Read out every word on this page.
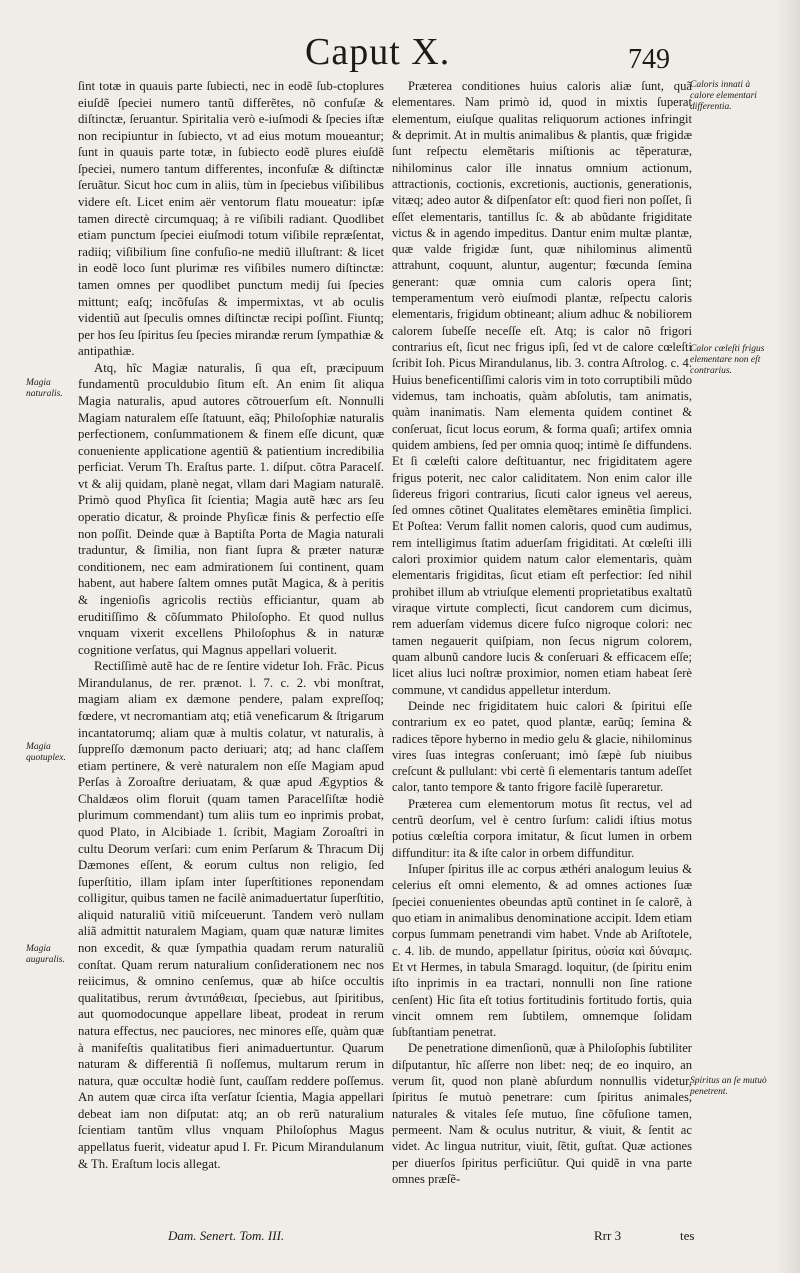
Caput X.	749
Magia naturalis.
Magia quotuplex.
Magia auguralis.
Caloris innati à calore elementari differentia.
Calor cœleſti frigus elementare non eſt contrarius.
Spiritus an ſe mutuò penetrent.

ſint totæ in quauis parte ſubiecti, nec in eodẽ ſub-ctoplures eiuſdẽ ſpeciei numero tantũ differẽtes, nõ confuſæ & diſtinctæ, ſeruantur. Spiritalia verò e-iuſmodi & ſpecies iſtæ non recipiuntur in ſubiecto, vt ad eius motum moueantur; ſunt in quauis parte totæ, in ſubiecto eodẽ plures eiuſdẽ ſpeciei, numero tantum differentes, inconfuſæ & diſtinctæ ſeruãtur. Sicut hoc cum in aliis, tùm in ſpeciebus viſibilibus videre eſt. Licet enim aër ventorum flatu moueatur: ipſæ tamen directè circumquaq; à re viſibili radiant. Quodlibet etiam punctum ſpeciei eiuſmodi totum viſibile repræſentat, radiiq; viſibilium ſine confuſio-ne mediũ illuſtrant: & licet in eodẽ loco ſunt plurimæ res viſibiles numero diſtinctæ: tamen omnes per quodlibet punctum medij ſui ſpecies mittunt; eaſq; incõfuſas & impermixtas, vt ab oculis videntiũ aut ſpeculis omnes diſtinctæ recipi poſſint. Fiuntq; per hos ſeu ſpiritus ſeu ſpecies mirandæ rerum ſympathiæ & antipathiæ.

Atq, hîc Magiæ naturalis, ſi qua eſt, præcipuum fundamentũ proculdubio ſitum eſt. An enim ſit aliqua Magia naturalis, apud autores cõtrouerſum eſt. Nonnulli Magiam naturalem eſſe ſtatuunt, eãq; Philoſophiæ naturalis perfectionem, conſummationem & finem eſſe dicunt, quæ conueniente applicatione agentiũ & patientium incredibilia perficiat. Verum Th. Eraſtus parte. 1. diſput. cõtra Paracelſ. vt & alij quidam, planè negat, vllam dari Magiam naturalẽ. Primò quod Phyſica ſit ſcientia; Magia autẽ hæc ars ſeu operatio dicatur, & proinde Phyſicæ finis & perfectio eſſe non poſſit. Deinde quæ à Baptiſta Porta de Magia naturali traduntur, & ſimilia, non fiant ſupra & præter naturæ conditionem, nec eam admirationem ſui continent, quam habent, aut habere ſaltem omnes putãt Magica, & à peritis & ingenioſis agricolis rectiùs efficiantur, quam ab eruditiſſimo & cõſummato Philoſopho. Et quod nullus vnquam vixerit excellens Philoſophus & in naturæ cognitione verſatus, qui Magnus appellari voluerit.

Rectiſſimè autẽ hac de re ſentire videtur Ioh. Frãc. Picus Mirandulanus, de rer. prænot. l. 7. c. 2. vbi monſtrat, magiam aliam ex dæmone pendere, palam expreſſoq; fœdere, vt necromantiam atq; etiã veneficarum & ſtrigarum incantatorumq; aliam quæ à multis colatur, vt naturalis, à ſuppreſſo dæmonum pacto deriuari; atq; ad hanc claſſem etiam pertinere, & verè naturalem non eſſe Magiam apud Perſas à Zoroaſtre deriuatam, & quæ apud Ægyptios & Chaldæos olim floruit (quam tamen Paracelſiſtæ hodiè plurimum commendant) tum aliis tum eo inprimis probat, quod Plato, in Alcibiade 1. ſcribit, Magiam Zoroaſtri in cultu Deorum verſari: cum enim Perſarum & Thracum Dij Dæmones eſſent, & eorum cultus non religio, ſed ſuperſtitio, illam ipſam inter ſuperſtitiones reponendam colligitur, quibus tamen ne facilè animaduertatur ſuperſtitio, aliquid naturaliũ vitiũ miſceuerunt. Tandem verò nullam aliã admittit naturalem Magiam, quam quæ naturæ limites non excedit, & quæ ſympathia quadam rerum naturaliũ conſtat. Quam rerum naturalium conſiderationem nec nos reiicimus, & omnino cenſemus, quæ ab hiſce occultis qualitatibus, rerum ἀντιπάθειαι, ſpeciebus, aut ſpiritibus, aut quomodocunque appellare libeat, prodeat in rerum natura effectus, nec pauciores, nec minores eſſe, quàm quæ à manifeſtis qualitatibus fieri animaduertuntur. Quarum naturam & differentiã ſi noſſemus, multarum rerum in natura, quæ occultæ hodiè ſunt, cauſſam reddere poſſemus. An autem quæ circa iſta verſatur ſcientia, Magia appellari debeat iam non diſputat: atq; an ob rerũ naturalium ſcientiam tantũm vllus vnquam Philoſophus Magus appellatus fuerit, videatur apud I. Fr. Picum Mirandulanum & Th. Eraſtum locis allegat.

Præterea conditiones huius caloris aliæ ſunt, quã elementares. Nam primò id, quod in mixtis ſuperat elementum, eiuſque qualitas reliquorum actiones infringit & deprimit. At in multis animalibus & plantis, quæ frigidæ ſunt reſpectu elemẽtaris miſtionis ac tẽperaturæ, nihilominus calor ille innatus omnium actionum, attractionis, coctionis, excretionis, auctionis, generationis, vitæq; adeo autor & diſpenſator eſt: quod fieri non poſſet, ſi eſſet elementaris, tantillus ſc. & ab abũdante frigiditate victus & in agendo impeditus. Dantur enim multæ plantæ, quæ valde frigidæ ſunt, quæ nihilominus alimentũ attrahunt, coquunt, aluntur, augentur; fœcunda ſemina generant: quæ omnia cum caloris opera ſint; temperamentum verò eiuſmodi plantæ, reſpectu caloris elementaris, frigidum obtineant; alium adhuc & nobiliorem calorem ſubeſſe neceſſe eſt. Atq; is calor nõ frigori contrarius eſt, ſicut nec frigus ipſi, ſed vt de calore cœleſti ſcribit Ioh. Picus Mirandulanus, lib. 3. contra Aſtrolog. c. 4. Huius beneficentiſſimi caloris vim in toto corruptibili mũdo videmus, tam inchoatis, quàm abſolutis, tam animatis, quàm inanimatis. Nam elementa quidem continet & conſeruat, ſicut locus eorum, & forma quaſi; artifex omnia quidem ambiens, ſed per omnia quoq; intimè ſe diffundens. Et ſi cœleſti calore deſtituantur, nec frigiditatem agere frigus poterit, nec calor caliditatem. Non enim calor ille ſidereus frigori contrarius, ſicuti calor igneus vel aereus, ſed omnes cõtinet Qualitates elemẽtares eminẽtia ſimplici. Et Poſtea: Verum fallit nomen caloris, quod cum audimus, rem intelligimus ſtatim aduerſam frigiditati. At cœleſti illi calori proximior quidem natum calor elementaris, quàm elementaris frigiditas, ſicut etiam eſt perfectior: ſed nihil prohibet illum ab vtriuſque elementi proprietatibus exaltatũ viraque virtute complecti, ſicut candorem cum dicimus, rem aduerſam videmus dicere fuſco nigroque colori: nec tamen negauerit quiſpiam, non ſecus nigrum colorem, quam albunũ candore lucis & conſeruari & efficacem eſſe; licet alius luci noſtræ proximior, nomen etiam habeat ſerè commune, vt candidus appelletur interdum.

Deinde nec frigiditatem huic calori & ſpiritui eſſe contrarium ex eo patet, quod plantæ, earũq; ſemina & radices tẽpore hyberno in medio gelu & glacie, nihilominus vires ſuas integras conſeruant; imò ſæpè ſub niuibus creſcunt & pullulant: vbi certè ſi elementaris tantum adeſſet calor, tanto tempore & tanto frigore facilè ſuperaretur.

Præterea cum elementorum motus ſit rectus, vel ad centrũ deorſum, vel è centro ſurſum: calidi iſtius motus potius cœleſtia corpora imitatur, & ſicut lumen in orbem diffunditur: ita & iſte calor in orbem diffunditur.

Inſuper ſpiritus ille ac corpus æthéri analogum leuius & celerius eſt omni elemento, & ad omnes actiones ſuæ ſpeciei conuenientes obeundas aptũ continet in ſe calorẽ, à quo etiam in animalibus denominatione accipit. Idem etiam corpus ſummam penetrandi vim habet. Vnde ab Ariſtotele, c. 4. lib. de mundo, appellatur ſpiritus, οὐσία καὶ δύναμις. Et vt Hermes, in tabula Smaragd. loquitur, (de ſpiritu enim iſto inprimis in ea tractari, nonnulli non ſine ratione cenſent) Hic ſita eſt totius fortitudinis fortitudo fortis, quia vincit omnem rem ſubtilem, omnemque ſolidam ſubſtantiam penetrat.

De penetratione dimenſionũ, quæ à Philoſophis ſubtiliter diſputantur, hîc aſſerre non libet: neq; de eo inquiro, an verum ſit, quod non planè abſurdum nonnullis videtur, ſpiritus ſe mutuò penetrare: cum ſpiritus animales, naturales & vitales ſeſe mutuo, ſine cõfuſione tamen, permeent. Nam & oculus nutritur, & viuit, & ſentit ac videt. Ac lingua nutritur, viuit, ſẽtit, guſtat. Quæ actiones per diuerſos ſpiritus perficiũtur. Qui quidẽ in vna parte omnes præſẽ-

Dam. Senert. Tom. III.	Rrr 3	tes
